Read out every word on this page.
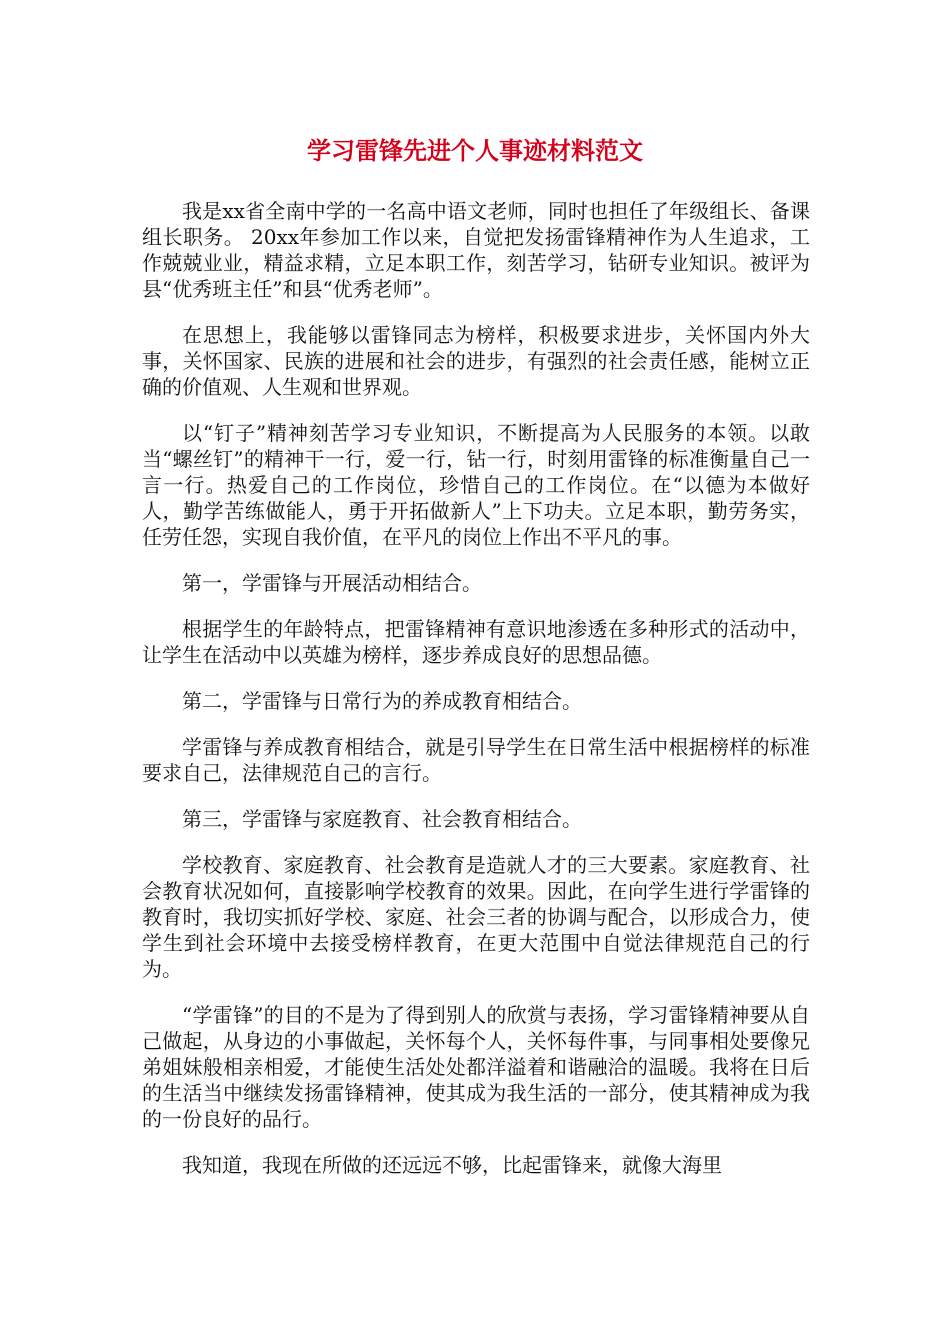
学习雷锋先进个人事迹材料范文

我是xx省全南中学的一名高中语文老师，同时也担任了年级组长、备课组长职务。 20xx年参加工作以来，自觉把发扬雷锋精神作为人生追求，工作兢兢业业，精益求精，立足本职工作，刻苦学习，钻研专业知识。被评为县“优秀班主任”和县“优秀老师”。

在思想上，我能够以雷锋同志为榜样，积极要求进步，关怀国内外大事，关怀国家、民族的进展和社会的进步，有强烈的社会责任感，能树立正确的价值观、人生观和世界观。

以“钉子”精神刻苦学习专业知识，不断提高为人民服务的本领。以敢当“螺丝钉”的精神干一行，爱一行，钻一行，时刻用雷锋的标准衡量自己一言一行。热爱自己的工作岗位，珍惜自己的工作岗位。在“以德为本做好人，勤学苦练做能人，勇于开拓做新人”上下功夫。立足本职，勤劳务实，任劳任怨，实现自我价值，在平凡的岗位上作出不平凡的事。

第一，学雷锋与开展活动相结合。

根据学生的年龄特点，把雷锋精神有意识地渗透在多种形式的活动中，让学生在活动中以英雄为榜样，逐步养成良好的思想品德。

第二，学雷锋与日常行为的养成教育相结合。

学雷锋与养成教育相结合，就是引导学生在日常生活中根据榜样的标准要求自己，法律规范自己的言行。

第三，学雷锋与家庭教育、社会教育相结合。

学校教育、家庭教育、社会教育是造就人才的三大要素。家庭教育、社会教育状况如何，直接影响学校教育的效果。因此，在向学生进行学雷锋的教育时，我切实抓好学校、家庭、社会三者的协调与配合，以形成合力，使学生到社会环境中去接受榜样教育，在更大范围中自觉法律规范自己的行为。

“学雷锋”的目的不是为了得到别人的欣赏与表扬，学习雷锋精神要从自己做起，从身边的小事做起，关怀每个人，关怀每件事，与同事相处要像兄弟姐妹般相亲相爱，才能使生活处处都洋溢着和谐融洽的温暖。我将在日后的生活当中继续发扬雷锋精神，使其成为我生活的一部分，使其精神成为我的一份良好的品行。

我知道，我现在所做的还远远不够，比起雷锋来，就像大海里
